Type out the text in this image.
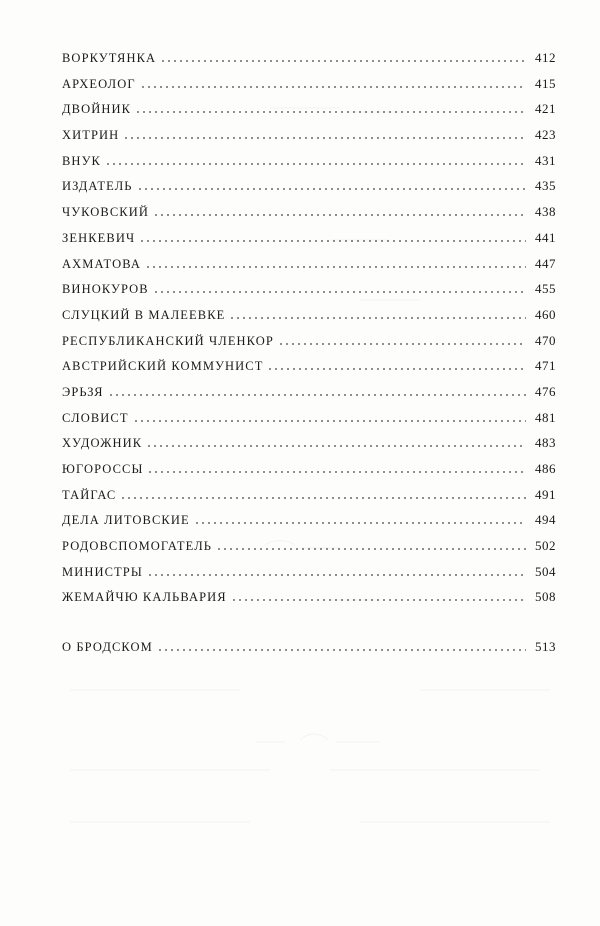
ВОРКУТЯНКА	412
АРХЕОЛОГ	415
ДВОЙНИК	421
ХИТРИН	423
ВНУК	431
ИЗДАТЕЛЬ	435
ЧУКОВСКИЙ	438
ЗЕНКЕВИЧ	441
АХМАТОВА	447
ВИНОКУРОВ	455
СЛУЦКИЙ В МАЛЕЕВКЕ	460
РЕСПУБЛИКАНСКИЙ ЧЛЕНКОР	470
АВСТРИЙСКИЙ КОММУНИСТ	471
ЭРЬЗЯ	476
СЛОВИСТ	481
ХУДОЖНИК	483
ЮГОРОССЫ	486
ТАЙГАС	491
ДЕЛА ЛИТОВСКИЕ	494
РОДОВСПОМОГАТЕЛЬ	502
МИНИСТРЫ	504
ЖЕМАЙЧЮ КАЛЬВАРИЯ	508
О БРОДСКОМ	513
